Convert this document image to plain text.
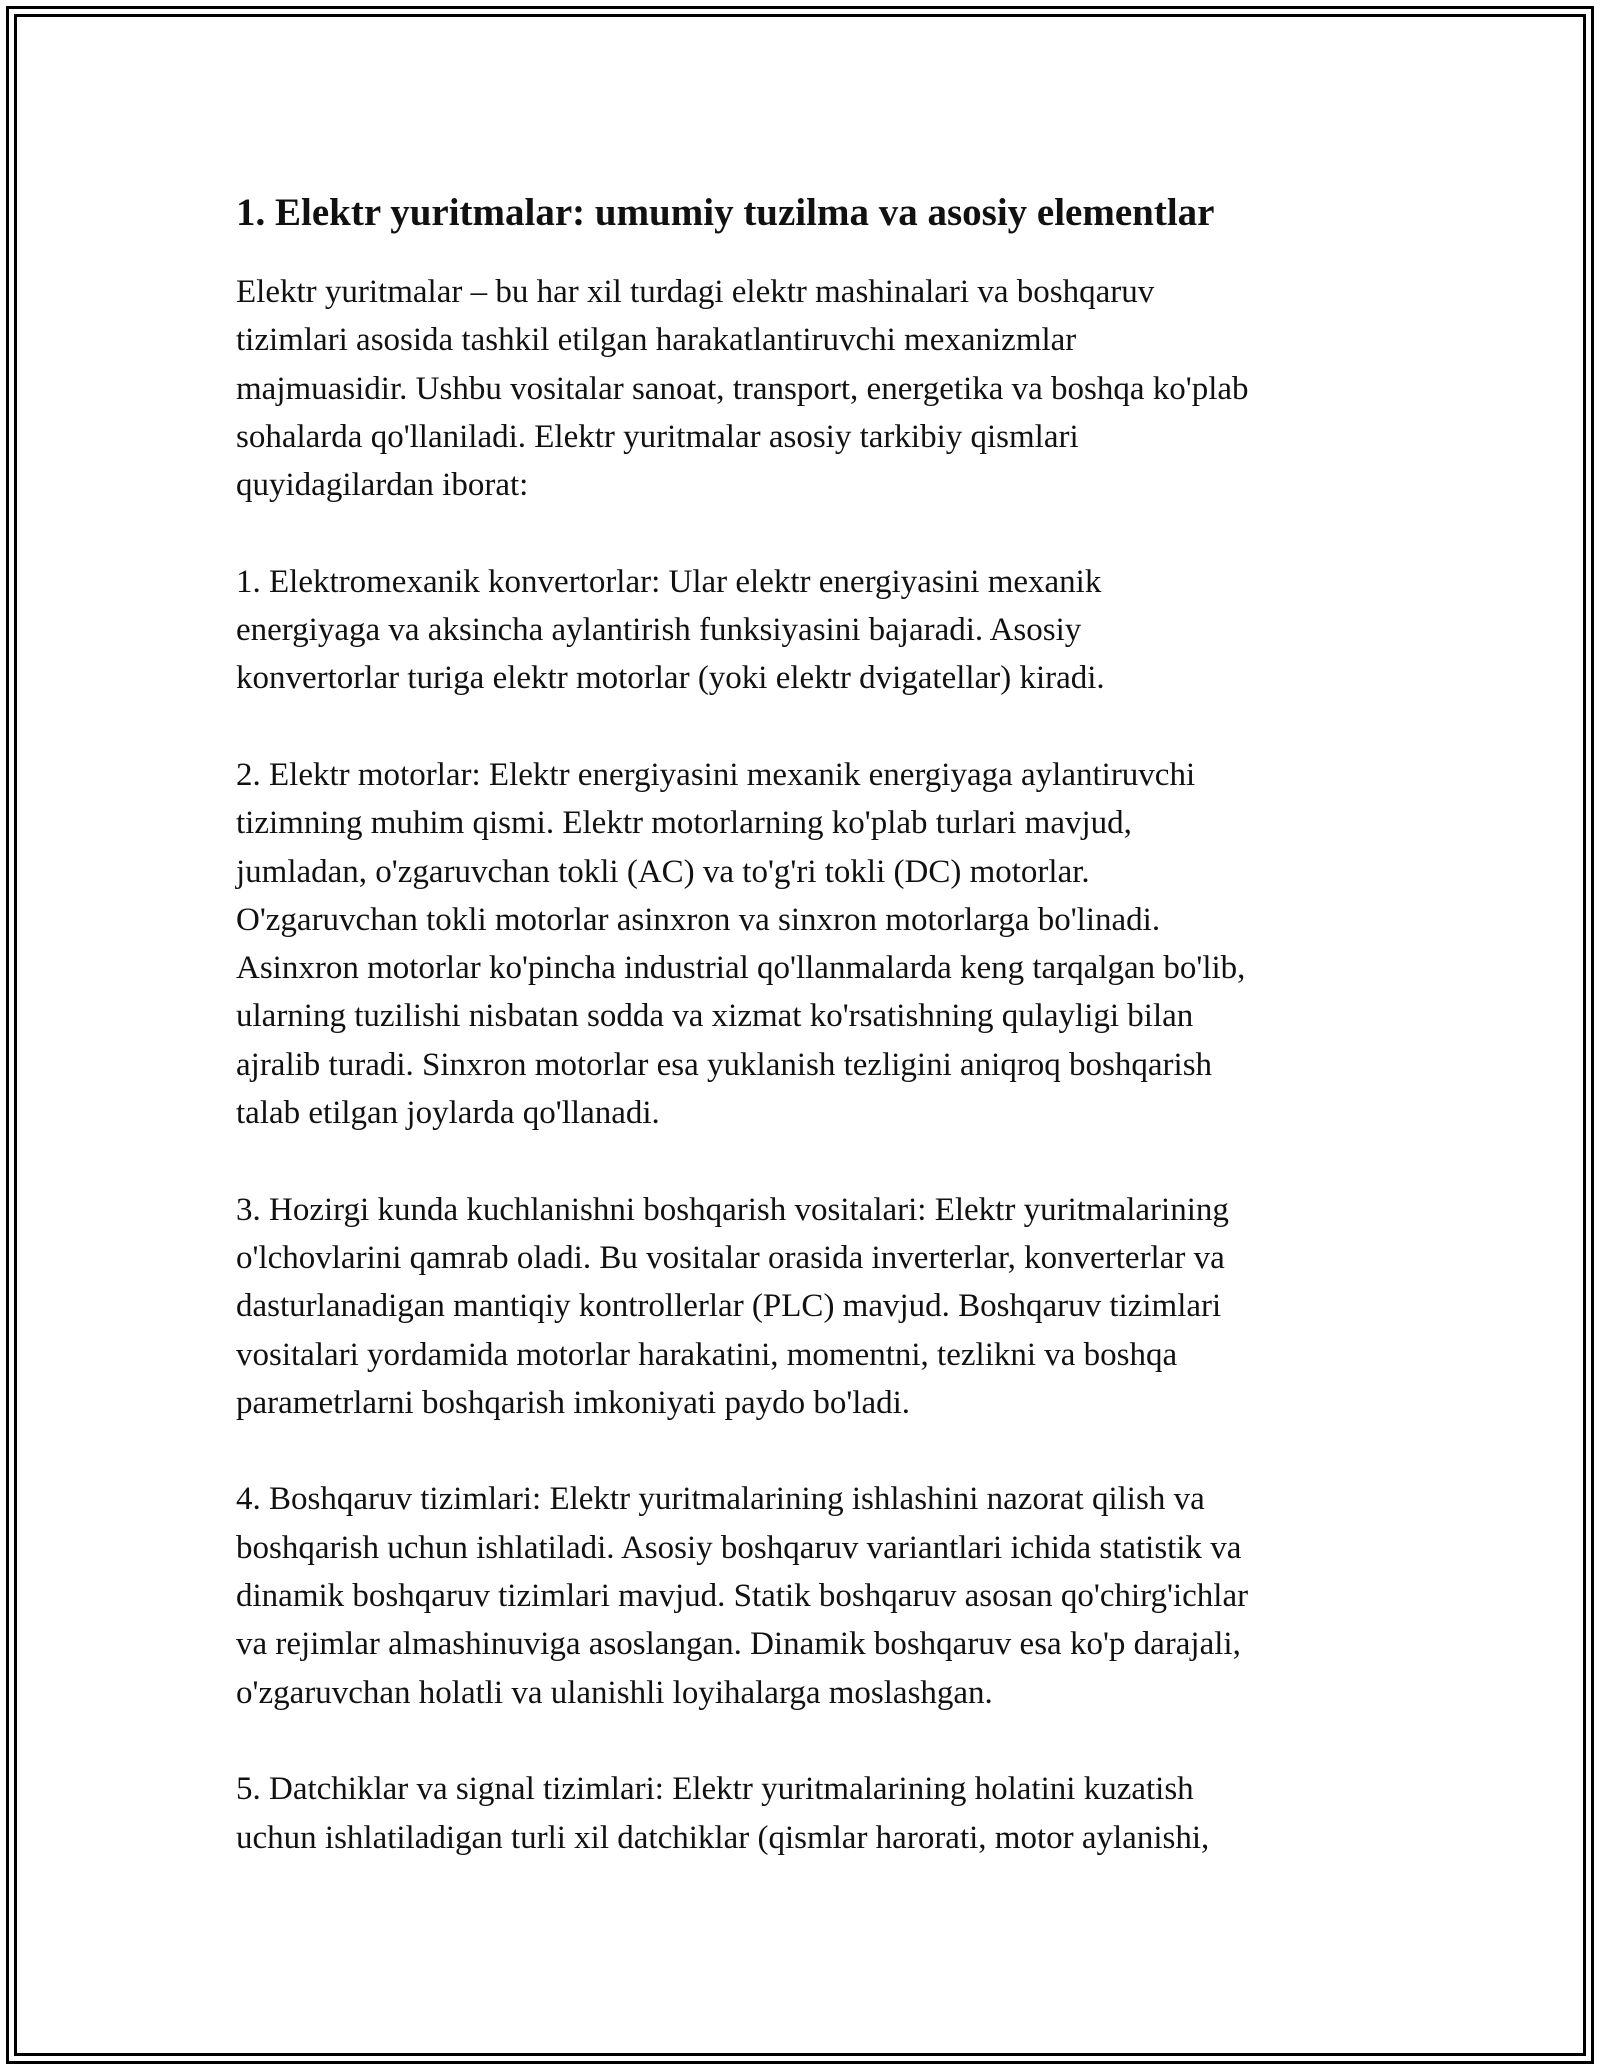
1. Elektr yuritmalar: umumiy tuzilma va asosiy elementlar

Elektr yuritmalar – bu har xil turdagi elektr mashinalari va boshqaruv
tizimlari asosida tashkil etilgan harakatlantiruvchi mexanizmlar
majmuasidir. Ushbu vositalar sanoat, transport, energetika va boshqa ko'plab
sohalarda qo'llaniladi. Elektr yuritmalar asosiy tarkibiy qismlari
quyidagilardan iborat:

1. Elektromexanik konvertorlar: Ular elektr energiyasini mexanik
energiyaga va aksincha aylantirish funksiyasini bajaradi. Asosiy
konvertorlar turiga elektr motorlar (yoki elektr dvigatellar) kiradi.

2. Elektr motorlar: Elektr energiyasini mexanik energiyaga aylantiruvchi
tizimning muhim qismi. Elektr motorlarning ko'plab turlari mavjud,
jumladan, o'zgaruvchan tokli (AC) va to'g'ri tokli (DC) motorlar.
O'zgaruvchan tokli motorlar asinxron va sinxron motorlarga bo'linadi.
Asinxron motorlar ko'pincha industrial qo'llanmalarda keng tarqalgan bo'lib,
ularning tuzilishi nisbatan sodda va xizmat ko'rsatishning qulayligi bilan
ajralib turadi. Sinxron motorlar esa yuklanish tezligini aniqroq boshqarish
talab etilgan joylarda qo'llanadi.

3. Hozirgi kunda kuchlanishni boshqarish vositalari: Elektr yuritmalarining
o'lchovlarini qamrab oladi. Bu vositalar orasida inverterlar, konverterlar va
dasturlanadigan mantiqiy kontrollerlar (PLC) mavjud. Boshqaruv tizimlari
vositalari yordamida motorlar harakatini, momentni, tezlikni va boshqa
parametrlarni boshqarish imkoniyati paydo bo'ladi.

4. Boshqaruv tizimlari: Elektr yuritmalarining ishlashini nazorat qilish va
boshqarish uchun ishlatiladi. Asosiy boshqaruv variantlari ichida statistik va
dinamik boshqaruv tizimlari mavjud. Statik boshqaruv asosan qo'chirg'ichlar
va rejimlar almashinuviga asoslangan. Dinamik boshqaruv esa ko'p darajali,
o'zgaruvchan holatli va ulanishli loyihalarga moslashgan.

5. Datchiklar va signal tizimlari: Elektr yuritmalarining holatini kuzatish
uchun ishlatiladigan turli xil datchiklar (qismlar harorati, motor aylanishi,
